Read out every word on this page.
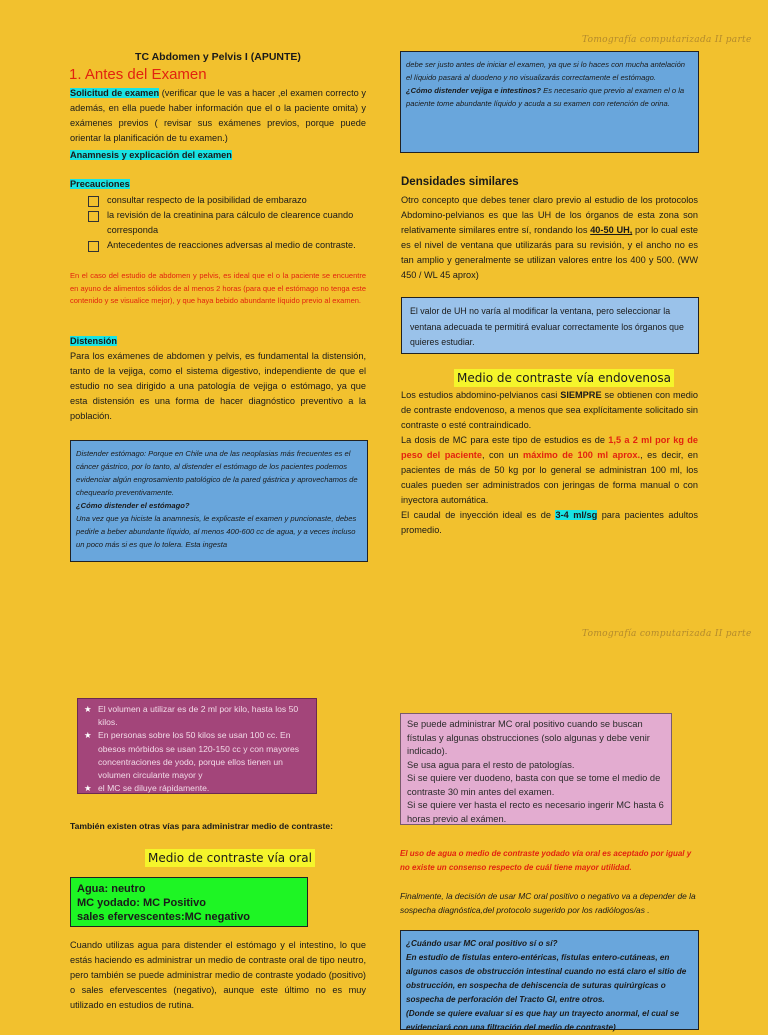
Tomografía computarizada II parte
Tomografía computarizada II parte
TC Abdomen y Pelvis I (APUNTE)
1. Antes del Examen
Solicitud de examen (verificar que le vas a hacer ,el examen correcto y además, en ella puede haber información que el o la paciente omita) y exámenes previos ( revisar sus exámenes previos, porque puede orientar la planificación de tu examen.)
Anamnesis y explicación del examen
Precauciones
consultar respecto de la posibilidad de embarazo
la revisión de la creatinina para cálculo de clearence cuando corresponda
Antecedentes de reacciones adversas al medio de contraste.
En el caso del estudio de abdomen y pelvis, es ideal que el o la paciente se encuentre en ayuno de alimentos sólidos de al menos 2 horas (para que el estómago no tenga este contenido y se visualice mejor), y que haya bebido abundante líquido previo al examen.
Distensión
Para los exámenes de abdomen y pelvis, es fundamental la distensión, tanto de la vejiga, como el sistema digestivo, independiente de que el estudio no sea dirigido a una patología de vejiga o estómago, ya que esta distensión es una forma de hacer diagnóstico preventivo a la población.
Distender estómago: Porque en Chile una de las neoplasias más frecuentes es el cáncer gástrico, por lo tanto, al distender el estómago de los pacientes podemos evidenciar algún engrosamiento patológico de la pared gástrica y aprovechamos de chequearlo preventivamente.
¿Cómo distender el estómago?
Una vez que ya hiciste la anamnesis, le explicaste el examen y puncionaste, debes pedirle a beber abundante líquido, al menos 400-600 cc de agua, y a veces incluso un poco más si es que lo tolera. Esta ingesta
debe ser justo antes de iniciar el examen, ya que si lo haces con mucha antelación el líquido pasará al duodeno y no visualizarás correctamente el estómago.
¿Cómo distender vejiga e intestinos? Es necesario que previo al examen el o la paciente tome abundante líquido y acuda a su examen con retención de orina.
Densidades similares
Otro concepto que debes tener claro previo al estudio de los protocolos Abdomino-pelvianos es que las UH de los órganos de esta zona son relativamente similares entre sí, rondando los 40-50 UH, por lo cual este es el nivel de ventana que utilizarás para su revisión, y el ancho no es tan amplio y generalmente se utilizan valores entre los 400 y 500. (WW 450 / WL 45 aprox)
El valor de UH no varía al modificar la ventana, pero seleccionar la ventana adecuada te permitirá evaluar correctamente los órganos que quieres estudiar.
Medio de contraste vía endovenosa
Los estudios abdomino-pelvianos casi SIEMPRE se obtienen con medio de contraste endovenoso, a menos que sea explícitamente solicitado sin contraste o esté contraindicado.
La dosis de MC para este tipo de estudios es de 1,5 a 2 ml por kg de peso del paciente, con un máximo de 100 ml aprox., es decir, en pacientes de más de 50 kg por lo general se administran 100 ml, los cuales pueden ser administrados con jeringas de forma manual o con inyectora automática.
El caudal de inyección ideal es de 3-4 ml/sg para pacientes adultos promedio.
★ El volumen a utilizar es de 2 ml por kilo, hasta los 50 kilos.
★ En personas sobre los 50 kilos se usan 100 cc. En obesos mórbidos se usan 120-150 cc y con mayores concentraciones de yodo, porque ellos tienen un volumen circulante mayor y
★ el MC se diluye rápidamente.
Se puede administrar MC oral positivo cuando se buscan fístulas y algunas obstrucciones (solo algunas y debe venir indicado).
Se usa agua para el resto de patologías.
Si se quiere ver duodeno, basta con que se tome el medio de contraste 30 min antes del examen.
Si se quiere ver hasta el recto es necesario ingerir MC hasta 6 horas previo al exámen.
También existen otras vías para administrar medio de contraste:
Medio de contraste vía oral
Agua: neutro
MC yodado: MC Positivo
sales efervescentes:MC negativo
Cuando utilizas agua para distender el estómago y el intestino, lo que estás haciendo es administrar un medio de contraste oral de tipo neutro, pero también se puede administrar medio de contraste yodado (positivo) o sales efervescentes (negativo), aunque este último no es muy utilizado en estudios de rutina.
El uso de agua o medio de contraste yodado vía oral es aceptado por igual y no existe un consenso respecto de cuál tiene mayor utilidad.
Finalmente, la decisión de usar MC oral positivo o negativo va a depender de la sospecha diagnóstica,del protocolo sugerido por los radiólogos/as .
¿Cuándo usar MC oral positivo sí o sí?
En estudio de fístulas entero-entéricas, fístulas entero-cutáneas, en algunos casos de obstrucción intestinal cuando no está claro el sitio de obstrucción, en sospecha de dehiscencia de suturas quirúrgicas o sospecha de perforación del Tracto GI, entre otros.
(Donde se quiere evaluar si es que hay un trayecto anormal, el cual se evidenciará con una filtración del medio de contraste)
